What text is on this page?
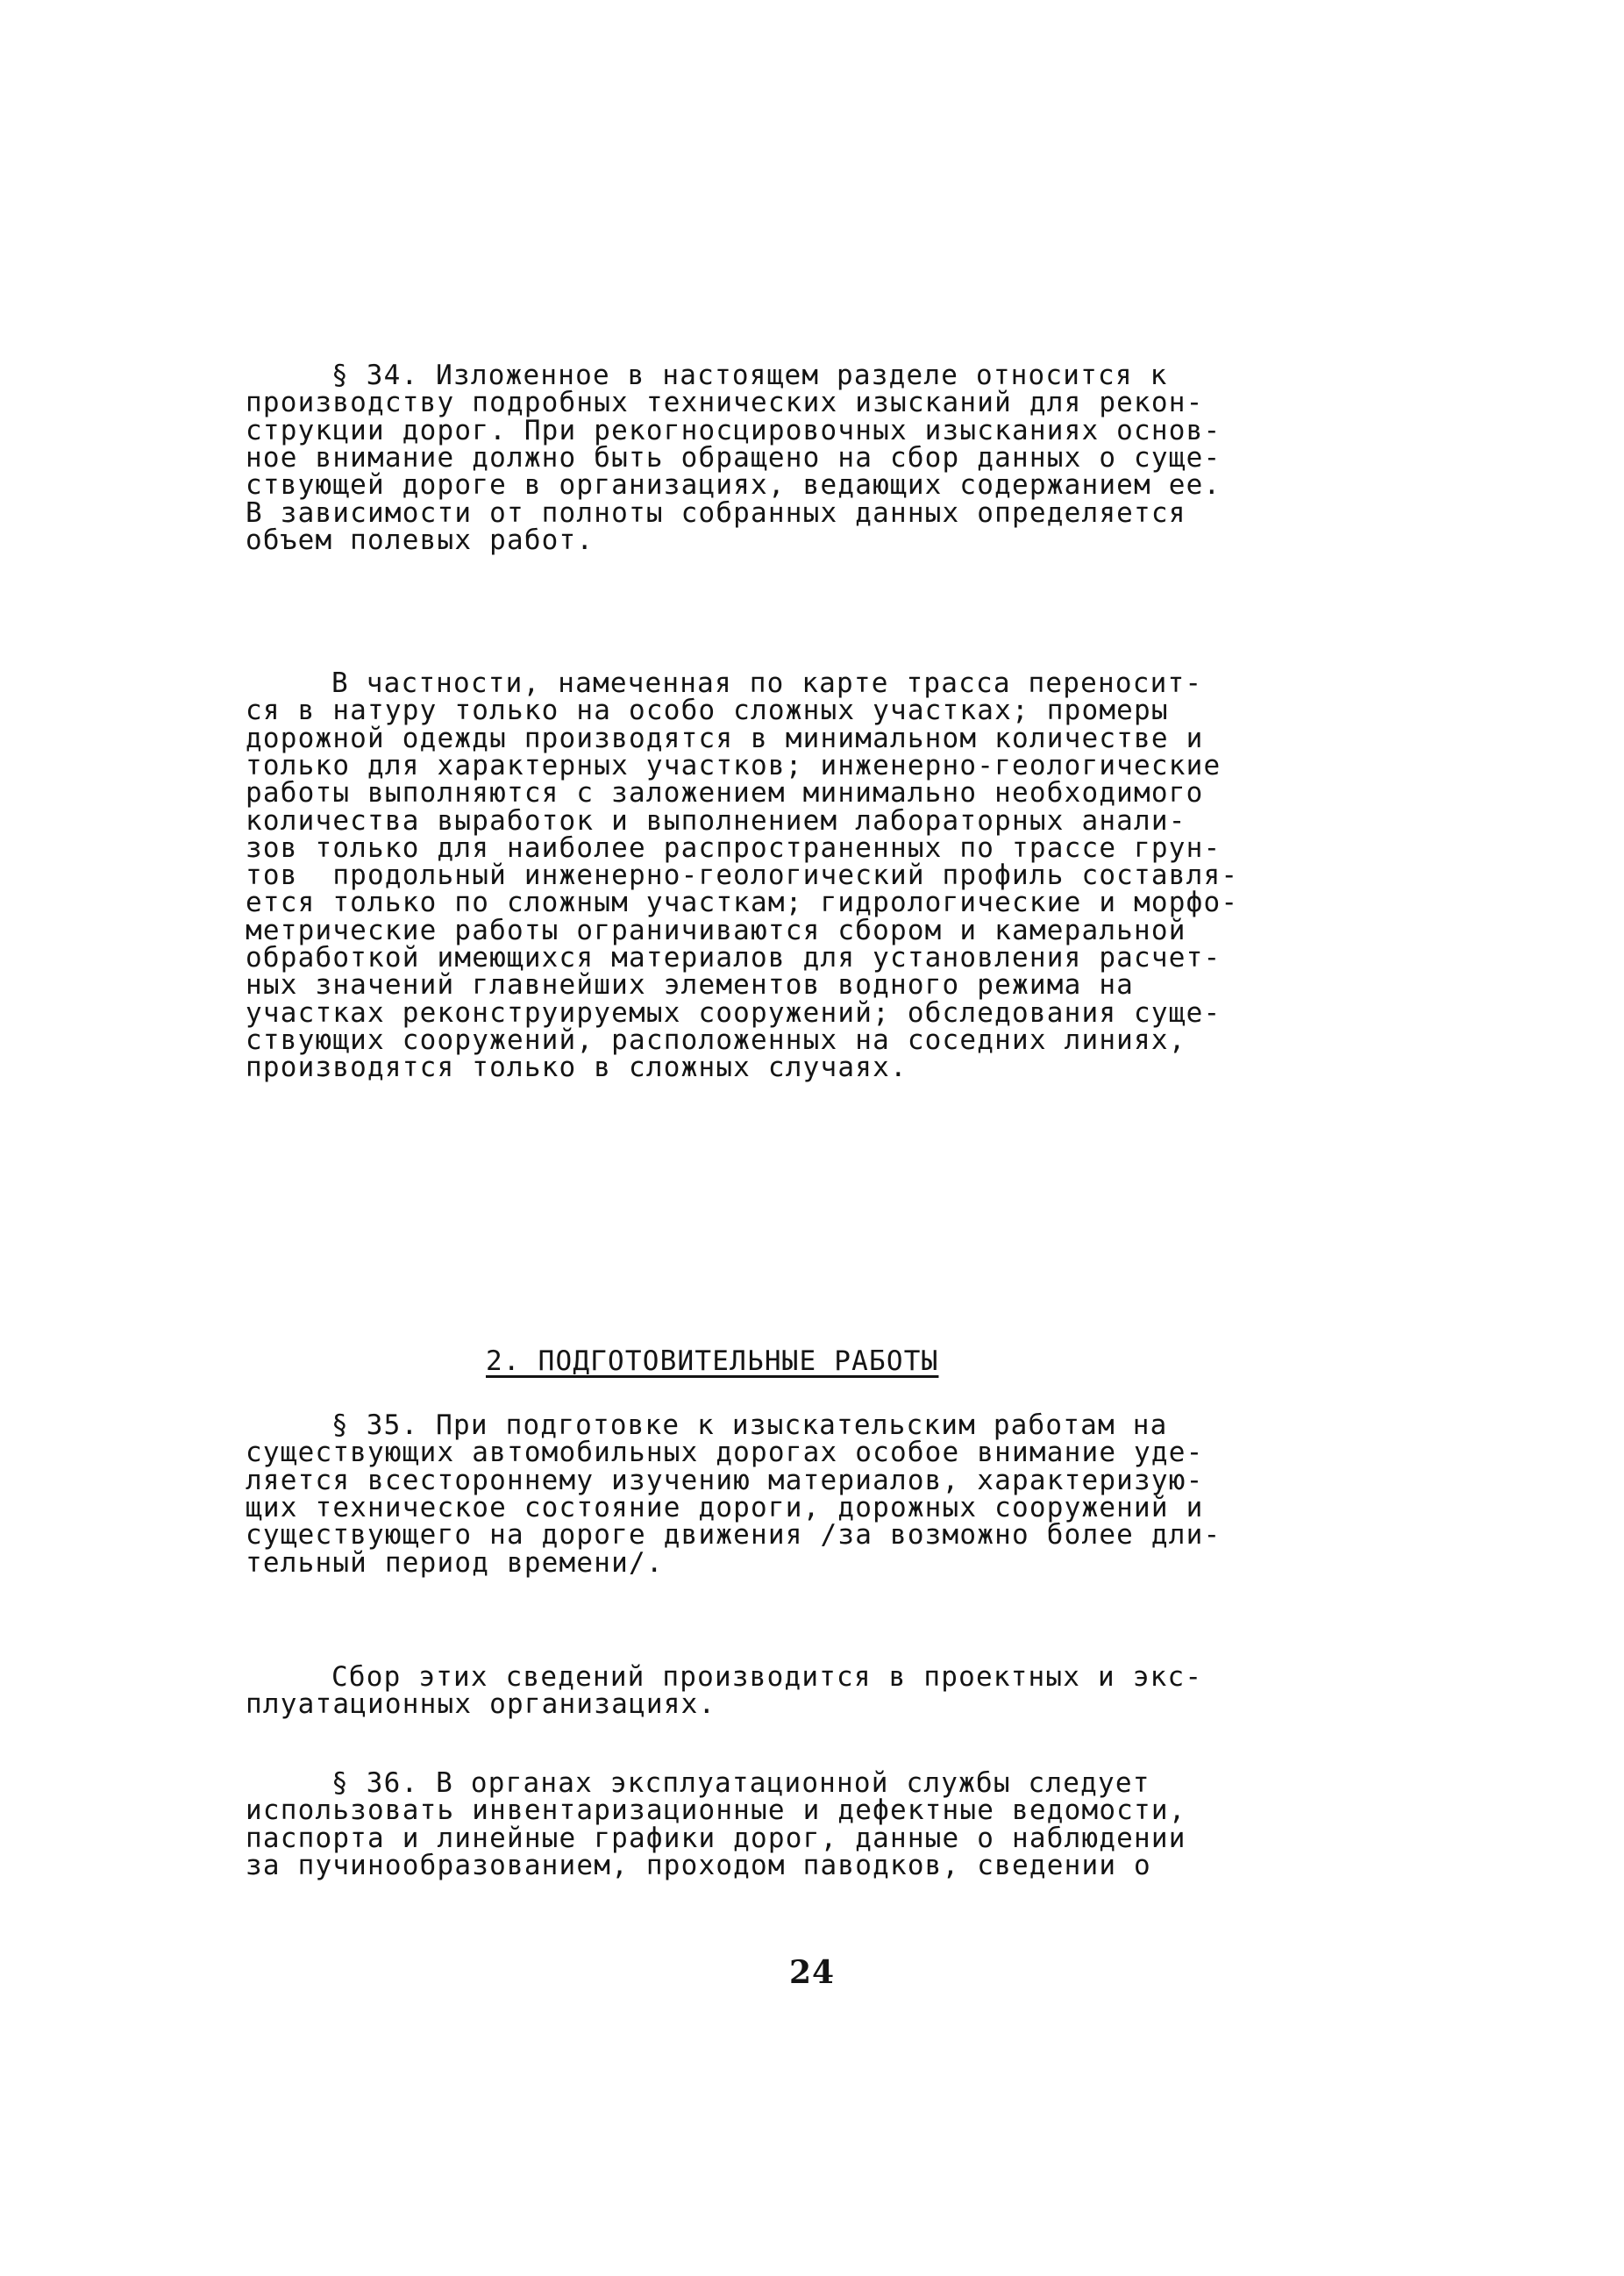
§ 34. Изложенное в настоящем разделе относится к
производству подробных технических изысканий для рекон-
струкции дорог. При рекогносцировочных изысканиях основ-
ное внимание должно быть обращено на сбор данных о суще-
ствующей дороге в организациях, ведающих содержанием ее.
В зависимости от полноты собранных данных определяется
объем полевых работ.
В частности, намеченная по карте трасса переносит-
ся в натуру только на особо сложных участках; промеры
дорожной одежды производятся в минимальном количестве и
только для характерных участков; инженерно-геологические
работы выполняются с заложением минимально необходимого
количества выработок и выполнением лабораторных анали-
зов только для наиболее распространенных по трассе грун-
тов  продольный инженерно-геологический профиль составля-
ется только по сложным участкам; гидрологические и морфо-
метрические работы ограничиваются сбором и камеральной
обработкой имеющихся материалов для установления расчет-
ных значений главнейших элементов водного режима на
участках реконструируемых сооружений; обследования суще-
ствующих сооружений, расположенных на соседних линиях,
производятся только в сложных случаях.
2. ПОДГОТОВИТЕЛЬНЫЕ РАБОТЫ
§ 35. При подготовке к изыскательским работам на
существующих автомобильных дорогах особое внимание уде-
ляется всестороннему изучению материалов, характеризую-
щих техническое состояние дороги, дорожных сооружений и
существующего на дороге движения /за возможно более дли-
тельный период времени/.
Сбор этих сведений производится в проектных и экс-
плуатационных организациях.
§ 36. В органах эксплуатационной службы следует
использовать инвентаризационные и дефектные ведомости,
паспорта и линейные графики дорог, данные о наблюдении
за пучинообразованием, проходом паводков, сведении о
24
